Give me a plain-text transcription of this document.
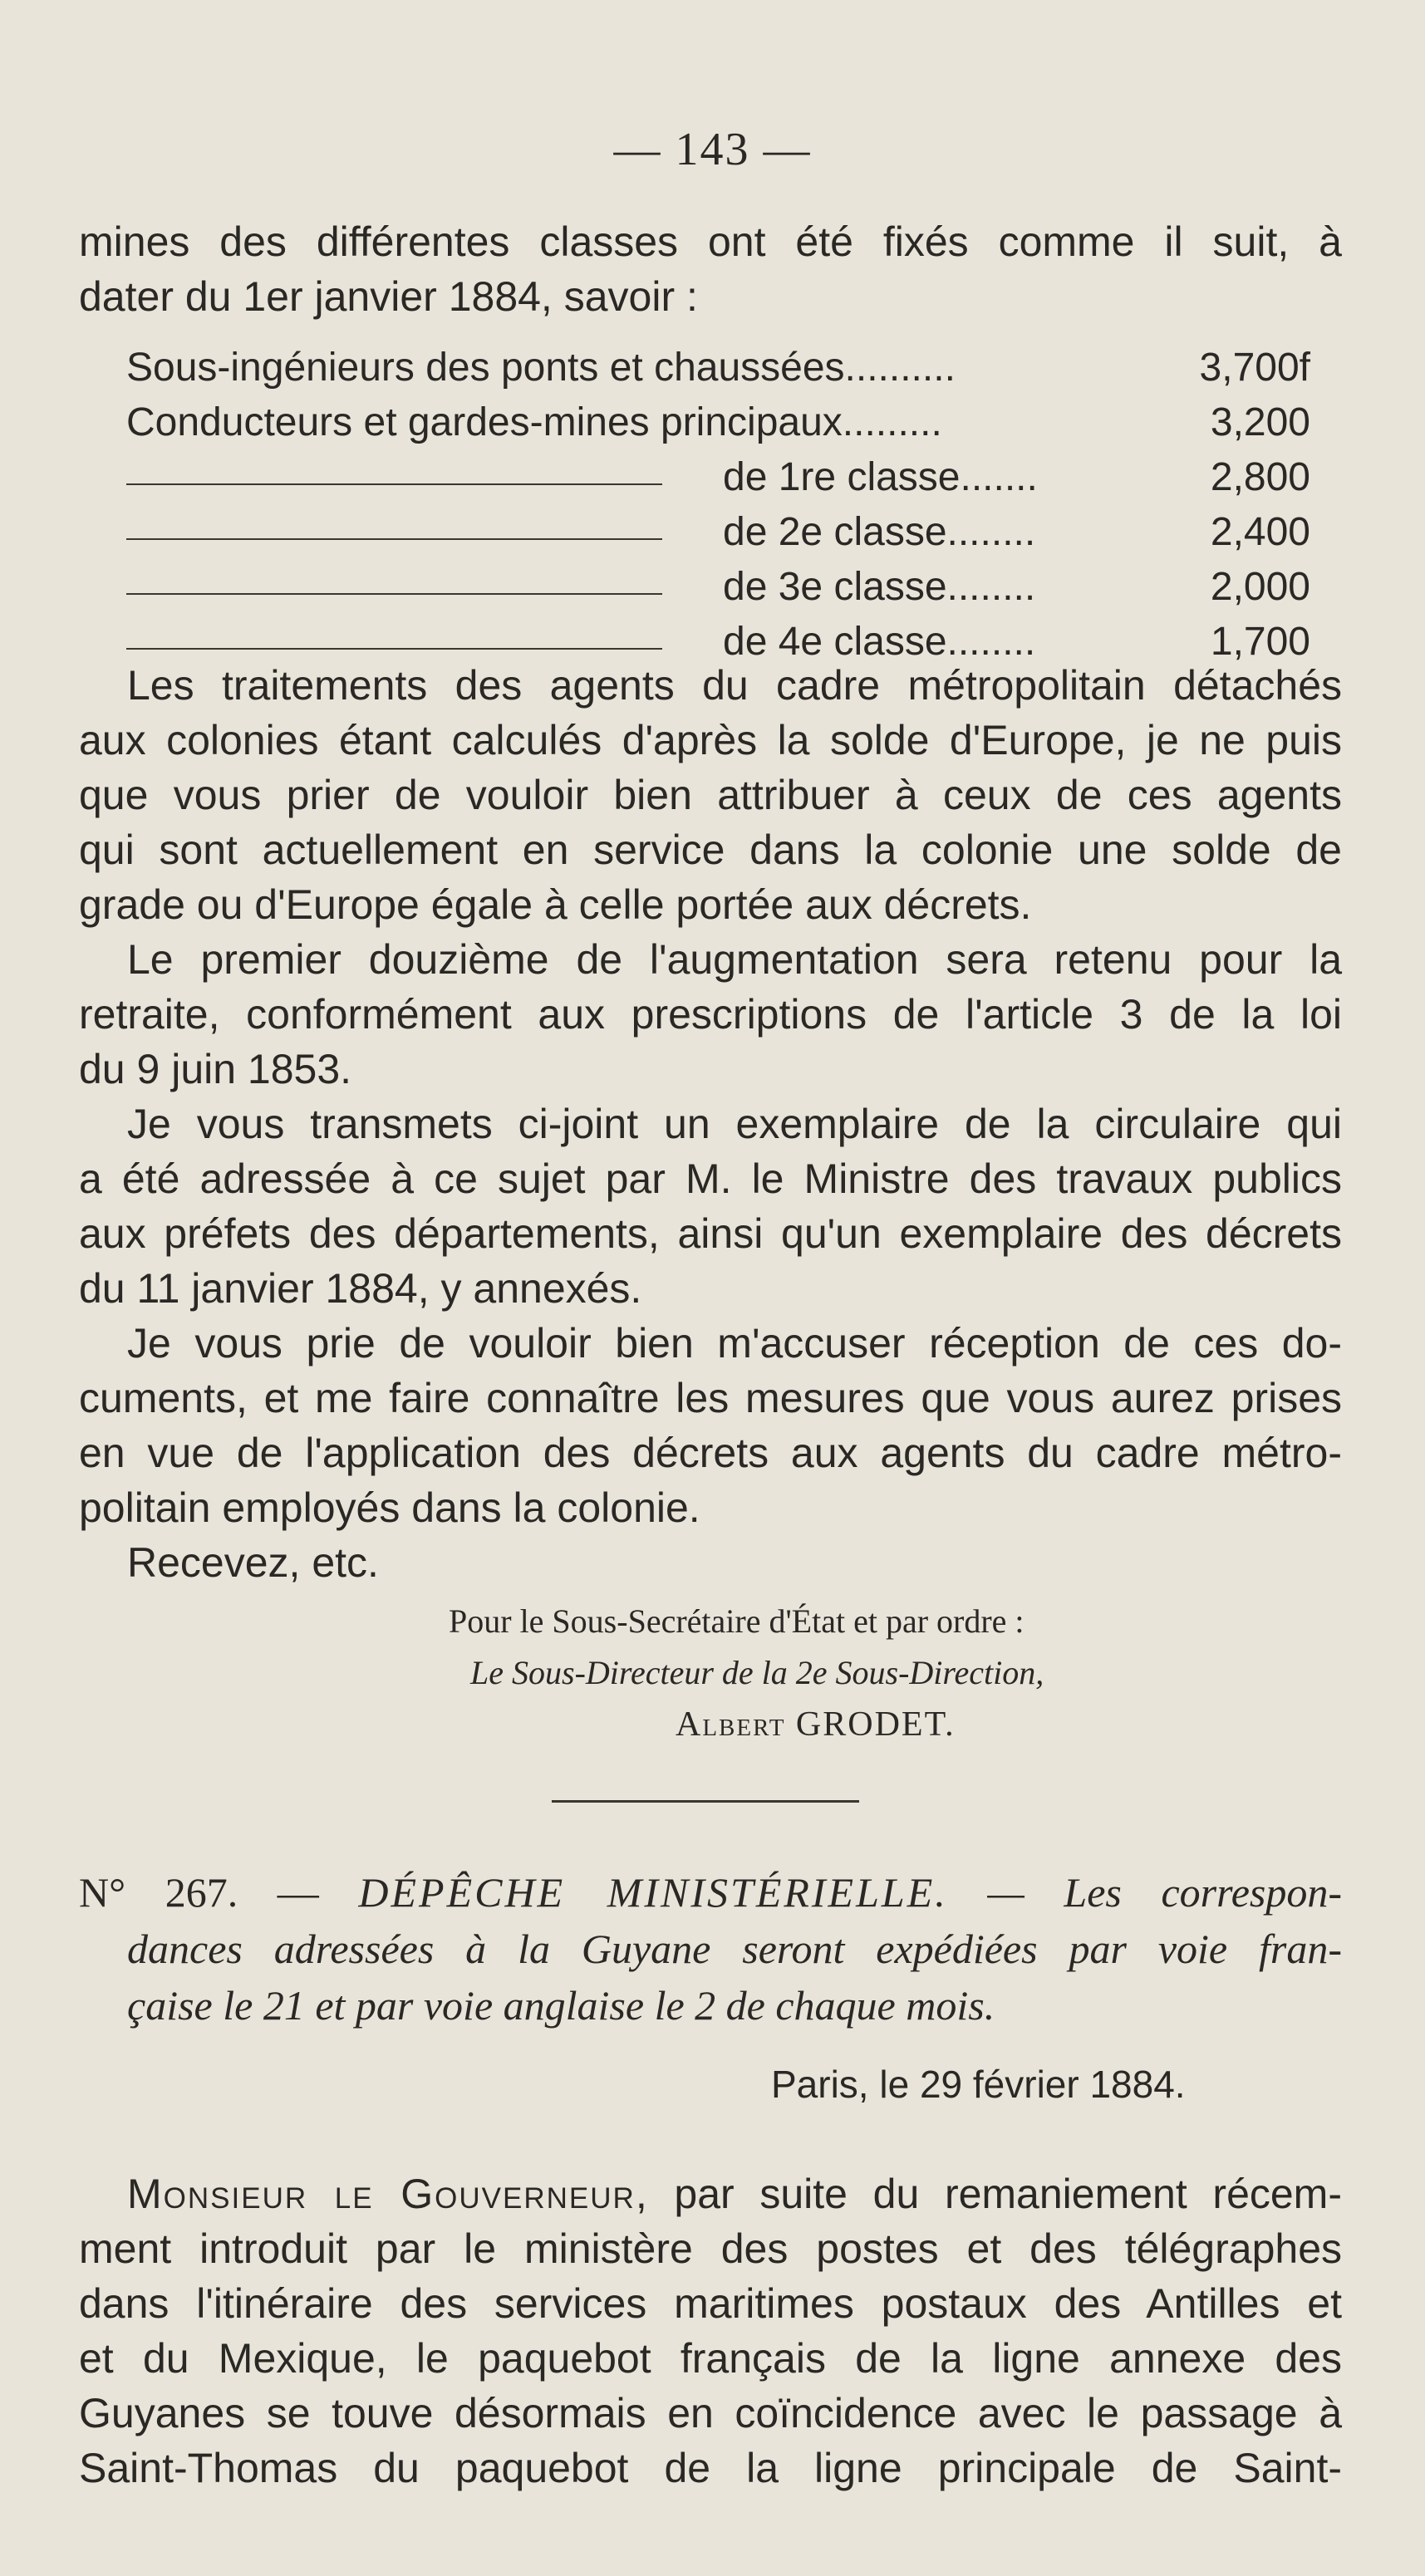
— 143 —
mines des différentes classes ont été fixés comme il suit, à
dater du 1er janvier 1884, savoir :
Sous-ingénieurs des ponts et chaussées..........	3,700f
Conducteurs et gardes-mines principaux.........	3,200
de 1re classe.......	2,800
de 2e classe........	2,400
de 3e classe........	2,000
de 4e classe........	1,700
Les traitements des agents du cadre métropolitain détachés
aux colonies étant calculés d'après la solde d'Europe, je ne puis
que vous prier de vouloir bien attribuer à ceux de ces agents
qui sont actuellement en service dans la colonie une solde de
grade ou d'Europe égale à celle portée aux décrets.
Le premier douzième de l'augmentation sera retenu pour la
retraite, conformément aux prescriptions de l'article 3 de la loi
du 9 juin 1853.
Je vous transmets ci-joint un exemplaire de la circulaire qui
a été adressée à ce sujet par M. le Ministre des travaux publics
aux préfets des départements, ainsi qu'un exemplaire des décrets
du 11 janvier 1884, y annexés.
Je vous prie de vouloir bien m'accuser réception de ces do-
cuments, et me faire connaître les mesures que vous aurez prises
en vue de l'application des décrets aux agents du cadre métro-
politain employés dans la colonie.
Recevez, etc.
Pour le Sous-Secrétaire d'État et par ordre :
Le Sous-Directeur de la 2e Sous-Direction,
Albert GRODET.
N° 267. — DÉPÊCHE MINISTÉRIELLE. — Les correspon-
dances adressées à la Guyane seront expédiées par voie fran-
çaise le 21 et par voie anglaise le 2 de chaque mois.
Paris, le 29 février 1884.
Monsieur le Gouverneur, par suite du remaniement récem-
ment introduit par le ministère des postes et des télégraphes
dans l'itinéraire des services maritimes postaux des Antilles et
et du Mexique, le paquebot français de la ligne annexe des
Guyanes se touve désormais en coïncidence avec le passage à
Saint-Thomas du paquebot de la ligne principale de Saint-
